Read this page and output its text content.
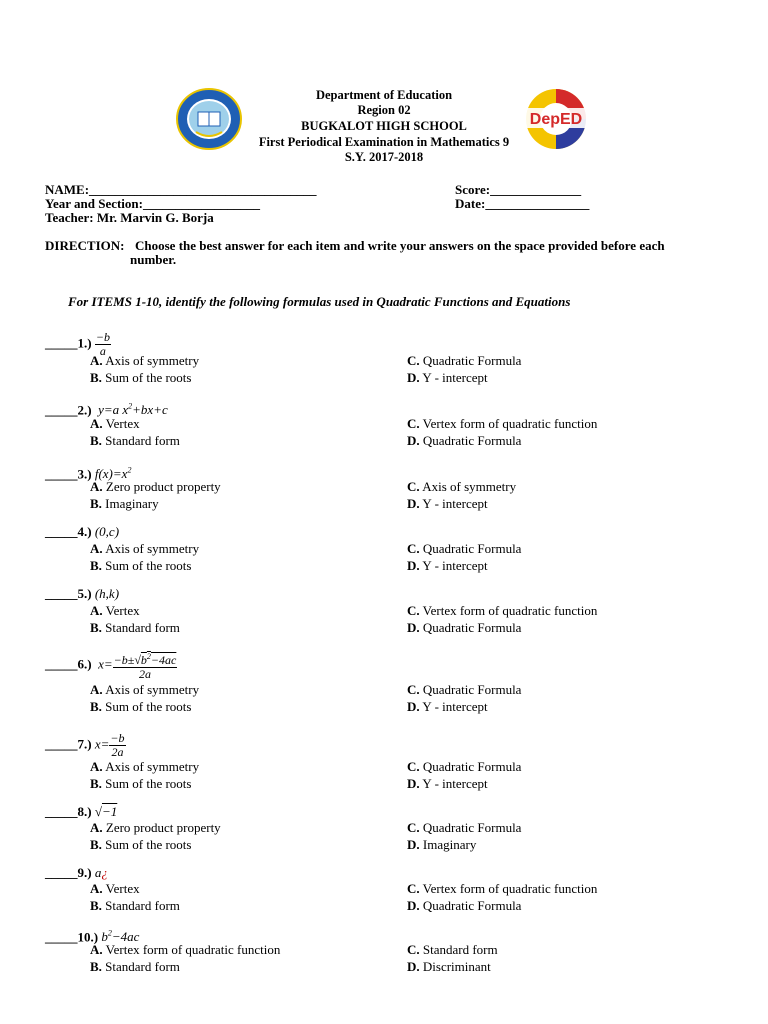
DepED
Department of Education
Region 02
BUGKALOT HIGH SCHOOL
First Periodical Examination in Mathematics 9
S.Y. 2017-2018
NAME:___________________________________
Year and Section:__________________
Teacher: Mr. Marvin G. Borja
Score:______________
Date:________________
DIRECTION: Choose the best answer for each item and write your answers on the space provided before each
number.
For ITEMS 1-10, identify the following formulas used in Quadratic Functions and Equations
_____1.) $\frac{-b}{a}$
A. Axis of symmetry
B. Sum of the roots
C. Quadratic Formula
D. Y - intercept
_____2.)  y=a $x^2+bx+c$
A. Vertex
B. Standard form
C. Vertex form of quadratic function
D. Quadratic Formula
_____3.) $f(x)=x^2$
A. Zero product property
B. Imaginary
C. Axis of symmetry
D. Y - intercept
_____4.) (0,c)
A. Axis of symmetry
B. Sum of the roots
C. Quadratic Formula
D. Y - intercept
_____5.) (h,k)
A. Vertex
B. Standard form
C. Vertex form of quadratic function
D. Quadratic Formula
_____6.)  $x= \frac{-b\pm√b^2-4ac}{2a}$
A. Axis of symmetry
B. Sum of the roots
C. Quadratic Formula
D. Y - intercept
_____7.) $x= \frac{-b}{2a}$
A. Axis of symmetry
B. Sum of the roots
C. Quadratic Formula
D. Y - intercept
_____8.) √−1
A. Zero product property
B. Sum of the roots
C. Quadratic Formula
D. Imaginary
_____9.) a¿
A. Vertex
B. Standard form
C. Vertex form of quadratic function
D. Quadratic Formula
_____10.) $b^2-4ac$
A. Vertex form of quadratic function
B. Standard form
C. Standard form
D. Discriminant
